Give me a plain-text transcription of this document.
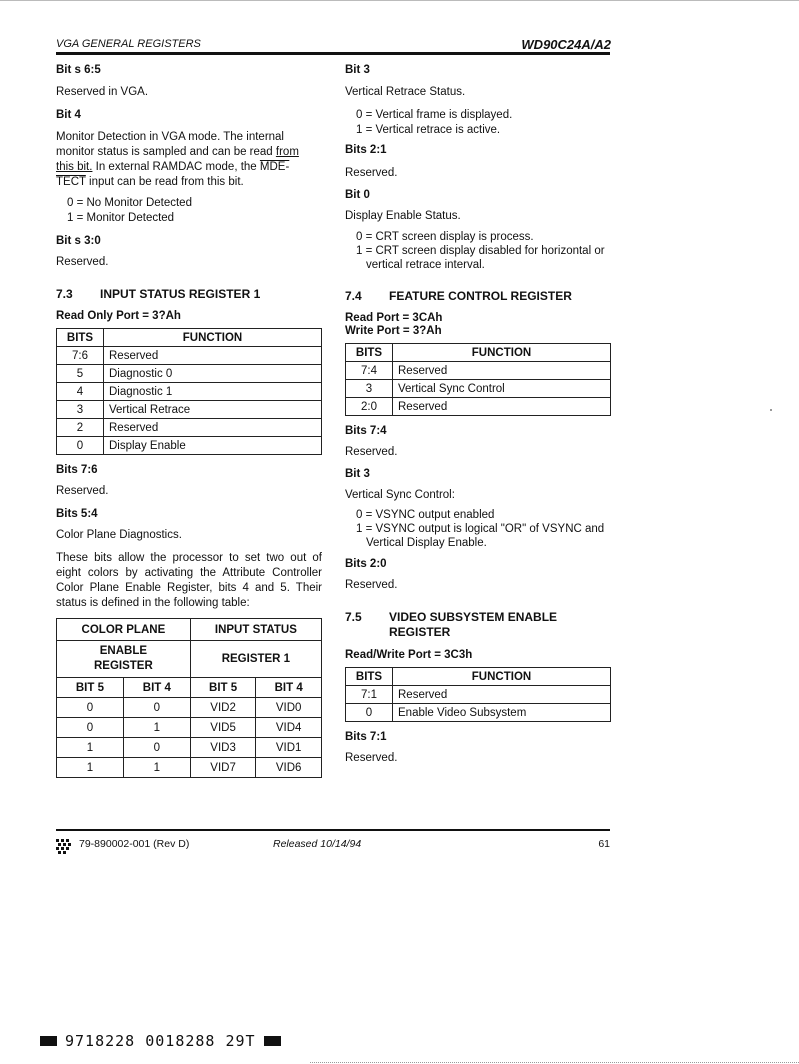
VGA GENERAL REGISTERS	WD90C24A/A2

Bit s 6:5

Reserved in VGA.

Bit 4

Monitor Detection in VGA mode. The internal
monitor status is sampled and can be read from
this bit. In external RAMDAC mode, the MDE-
TECT input can be read from this bit.
0 = No Monitor Detected
1 = Monitor Detected

Bit s 3:0

Reserved.

7.3	INPUT STATUS REGISTER 1

Read Only Port = 3?Ah

BITS	FUNCTION
7:6	Reserved
5	Diagnostic 0
4	Diagnostic 1
3	Vertical Retrace
2	Reserved
0	Display Enable

Bits 7:6

Reserved.

Bits 5:4

Color Plane Diagnostics.

These bits allow the processor to set two out of eight colors by activating the Attribute Controller Color Plane Enable Register, bits 4 and 5. Their status is defined in the following table:

COLOR PLANE		INPUT STATUS	

ENABLE
REGISTER		REGISTER 1	
BIT 5	BIT 4	BIT 5	BIT 4
0	0	VID2	VID0
0	1	VID5	VID4
1	0	VID3	VID1
1	1	VID7	VID6

Bit 3

Vertical Retrace Status.

0 = Vertical frame is displayed.
1 = Vertical retrace is active.

Bits 2:1

Reserved.

Bit 0

Display Enable Status.

0 = CRT screen display is process.
1 = CRT screen display disabled for horizontal or vertical retrace interval.

7.4	FEATURE CONTROL REGISTER

Read Port = 3CAh

Write Port = 3?Ah

BITS	FUNCTION
7:4	Reserved
3	Vertical Sync Control
2:0	Reserved

Bits 7:4

Reserved.

Bit 3

Vertical Sync Control:

0 = VSYNC output enabled
1 = VSYNC output is logical "OR" of VSYNC and Vertical Display Enable.

Bits 2:0

Reserved.

7.5	VIDEO SUBSYSTEM ENABLE
REGISTER

Read/Write Port = 3C3h

BITS	FUNCTION
7:1	Reserved
0	Enable Video Subsystem

Bits 7:1

Reserved.

79-890002-001 (Rev D)	Released 10/14/94	61
9718228 0018288 29T
